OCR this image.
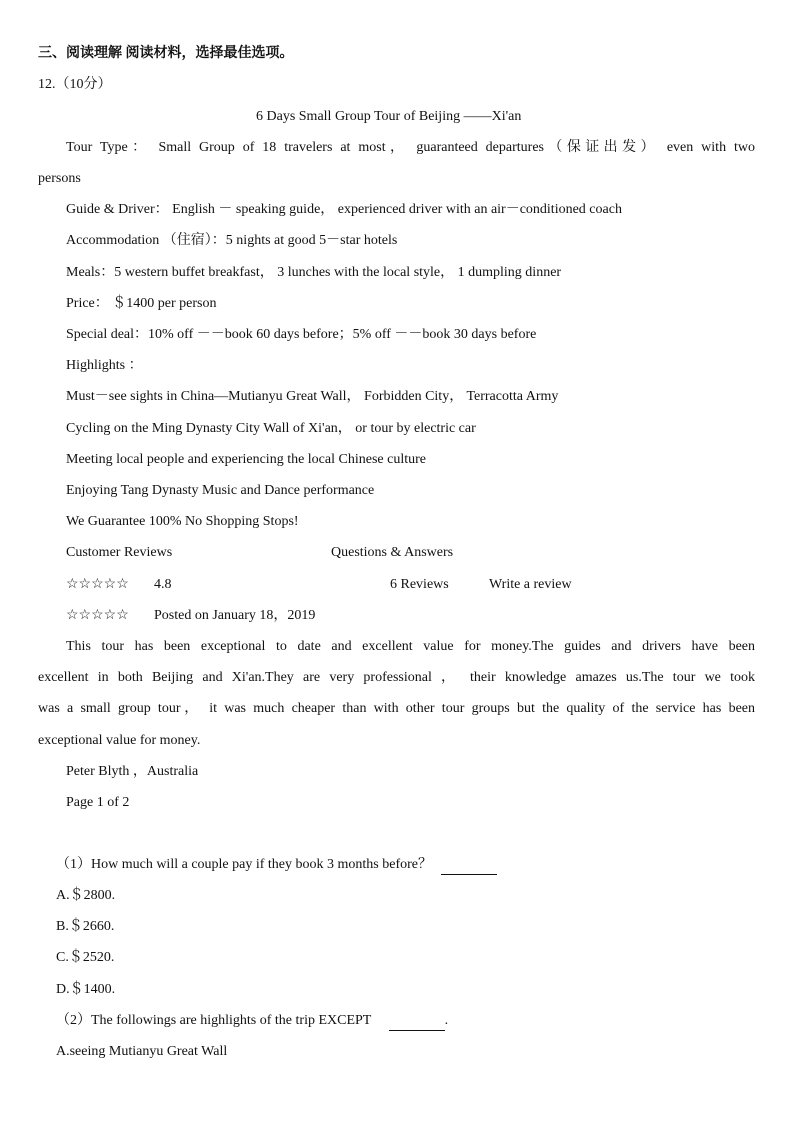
三、阅读理解 阅读材料，选择最佳选项。
12.（10分）
6 Days Small Group Tour of Beijing ——Xi'an
Tour Type： Small Group of 18 travelers at most， guaranteed departures（保证出发） even with two
persons
Guide & Driver： English － speaking guide， experienced driver with an air－conditioned coach
Accommodation （住宿）：5 nights at good 5－star hotels
Meals：5 western buffet breakfast， 3 lunches with the local style， 1 dumpling dinner
Price： ＄1400 per person
Special deal：10% off －－book 60 days before；5% off －－book 30 days before
Highlights ：
Must－see sights in China—Mutianyu Great Wall， Forbidden City， Terracotta Army
Cycling on the Ming Dynasty City Wall of Xi'an， or tour by electric car
Meeting local people and experiencing the local Chinese culture
Enjoying Tang Dynasty Music and Dance performance
We Guarantee 100% No Shopping Stops!
Customer Reviews	Questions & Answers
☆☆☆☆☆ 4.8	6 Reviews	Write a review
☆☆☆☆☆ Posted on January 18，2019
This tour has been exceptional to date and excellent value for money.The guides and drivers have been
excellent in both Beijing and Xi'an.They are very professional ， their knowledge amazes us.The tour we took
was a small group tour， it was much cheaper than with other tour groups but the quality of the service has been
exceptional value for money.
Peter Blyth ，Australia
Page 1 of 2
（1）How much will a couple pay if they book 3 months before？
A.＄2800.
B.＄2660.
C.＄2520.
D.＄1400.
（2）The followings are highlights of the trip EXCEPT	.
A.seeing Mutianyu Great Wall
